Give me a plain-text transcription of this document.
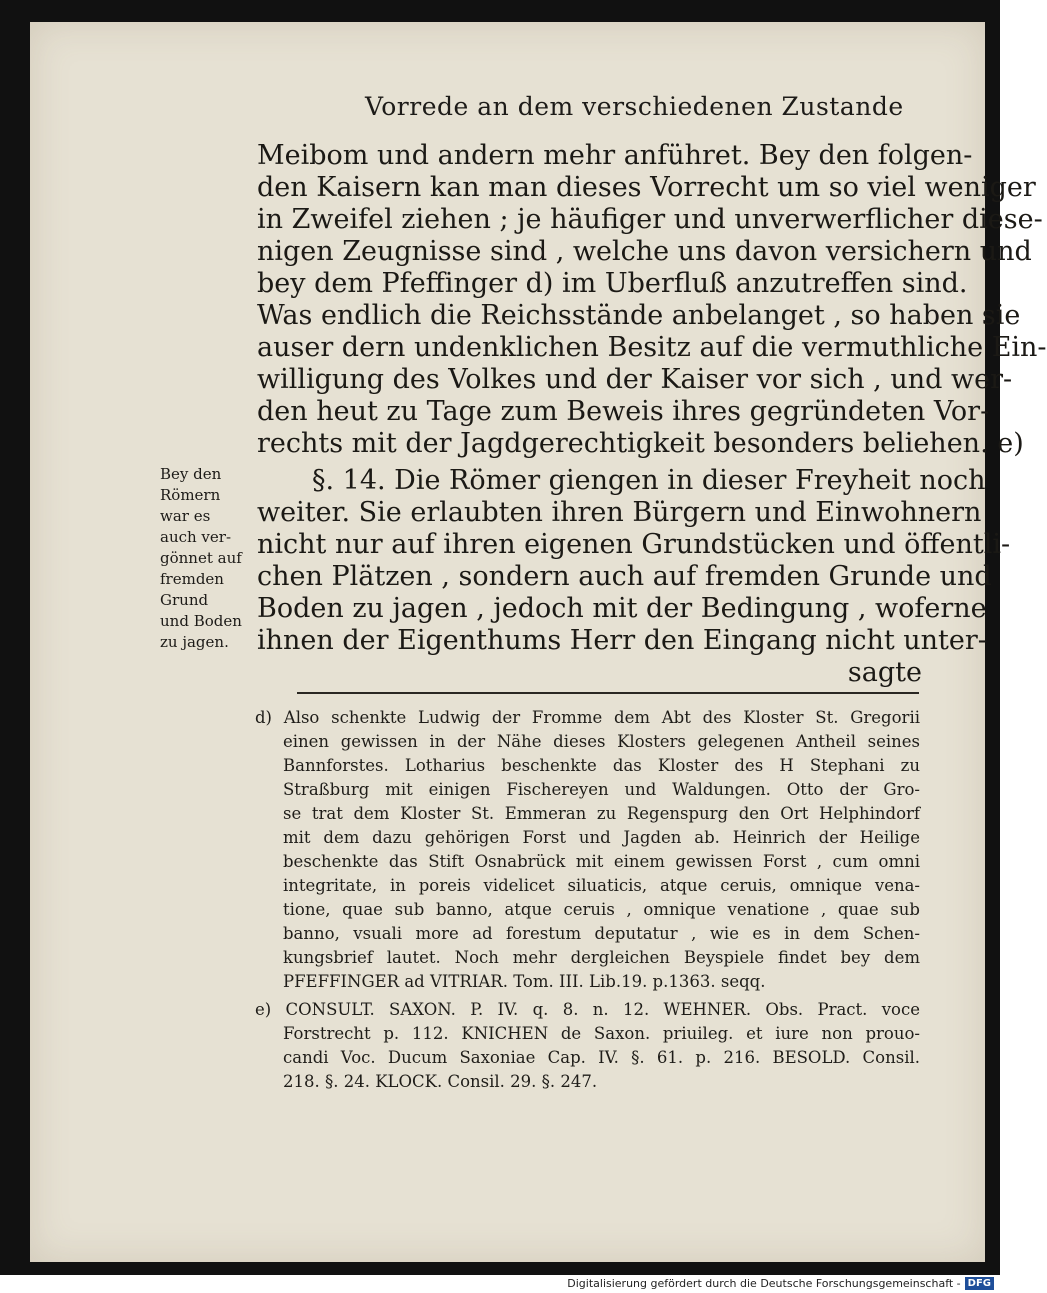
Vorrede an dem verschiedenen Zustande
Meibom und andern mehr anführet. Bey den folgen-
den Kaisern kan man dieses Vorrecht um so viel weniger
in Zweifel ziehen ; je häufiger und unverwerflicher diese-
nigen Zeugnisse sind , welche uns davon versichern und
bey dem Pfeffinger d) im Uberfluß anzutreffen sind.
Was endlich die Reichsstände anbelanget , so haben sie
auser dern undenklichen Besitz auf die vermuthliche Ein-
willigung des Volkes und der Kaiser vor sich , und wer-
den heut zu Tage zum Beweis ihres gegründeten Vor-
rechts mit der Jagdgerechtigkeit besonders beliehen. e)
§. 14. Die Römer giengen in dieser Freyheit noch
weiter. Sie erlaubten ihren Bürgern und Einwohnern
nicht nur auf ihren eigenen Grundstücken und öffentli-
chen Plätzen , sondern auch auf fremden Grunde und
Boden zu jagen , jedoch mit der Bedingung , woferne
ihnen der Eigenthums Herr den Eingang nicht unter-
sagte
Bey den
Römern
war es
auch ver-
gönnet auf
fremden
Grund
und Boden
zu jagen.
d) Also schenkte Ludwig der Fromme dem Abt des Kloster St. Gregorii
einen gewissen in der Nähe dieses Klosters gelegenen Antheil seines
Bannforstes. Lotharius beschenkte das Kloster des H Stephani zu
Straßburg mit einigen Fischereyen und Waldungen. Otto der Gro-
se trat dem Kloster St. Emmeran zu Regenspurg den Ort Helphindorf
mit dem dazu gehörigen Forst und Jagden ab. Heinrich der Heilige
beschenkte das Stift Osnabrück mit einem gewissen Forst , cum omni
integritate, in poreis videlicet siluaticis, atque ceruis, omnique vena-
tione, quae sub banno, atque ceruis , omnique venatione , quae sub
banno, vsuali more ad forestum deputatur , wie es in dem Schen-
kungsbrief lautet. Noch mehr dergleichen Beyspiele findet bey dem
PFEFFINGER ad VITRIAR. Tom. III. Lib.19. p.1363. seqq.
e) CONSULT. SAXON. P. IV. q. 8. n. 12. WEHNER. Obs. Pract. voce
Forstrecht p. 112. KNICHEN de Saxon. priuileg. et iure non prouo-
candi Voc. Ducum Saxoniae Cap. IV. §. 61. p. 216. BESOLD. Consil.
218. §. 24. KLOCK. Consil. 29. §. 247.
Digitalisierung gefördert durch die Deutsche Forschungsgemeinschaft - DFG
